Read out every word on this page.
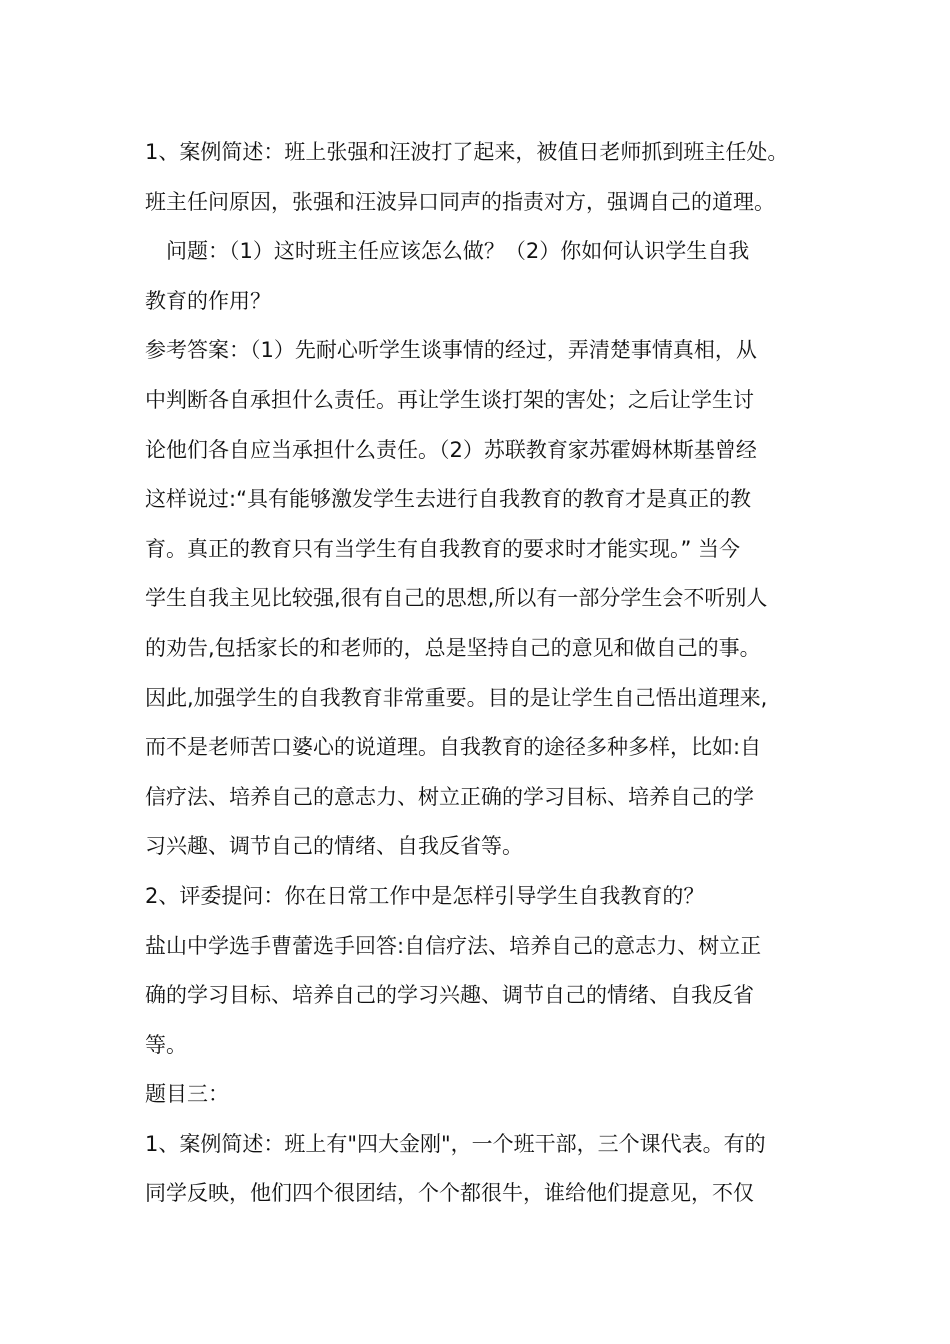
1、案例简述：班上张强和汪波打了起来，被值日老师抓到班主任处。
班主任问原因，张强和汪波异口同声的指责对方，强调自己的道理。
问题：（1）这时班主任应该怎么做？（2）你如何认识学生自我
教育的作用？
参考答案：（1）先耐心听学生谈事情的经过，弄清楚事情真相，从
中判断各自承担什么责任。再让学生谈打架的害处；之后让学生讨
论他们各自应当承担什么责任。（2）苏联教育家苏霍姆林斯基曾经
这样说过:“具有能够激发学生去进行自我教育的教育才是真正的教
育。真正的教育只有当学生有自我教育的要求时才能实现。” 当今
学生自我主见比较强,很有自己的思想,所以有一部分学生会不听别人
的劝告,包括家长的和老师的，总是坚持自己的意见和做自己的事。
因此,加强学生的自我教育非常重要。目的是让学生自己悟出道理来,
而不是老师苦口婆心的说道理。自我教育的途径多种多样，比如:自
信疗法、培养自己的意志力、树立正确的学习目标、培养自己的学
习兴趣、调节自己的情绪、自我反省等。
2、评委提问：你在日常工作中是怎样引导学生自我教育的？
盐山中学选手曹蕾选手回答:自信疗法、培养自己的意志力、树立正
确的学习目标、培养自己的学习兴趣、调节自己的情绪、自我反省
等。
题目三：
1、案例简述：班上有"四大金刚"，一个班干部，三个课代表。有的
同学反映，他们四个很团结，个个都很牛，谁给他们提意见，不仅
